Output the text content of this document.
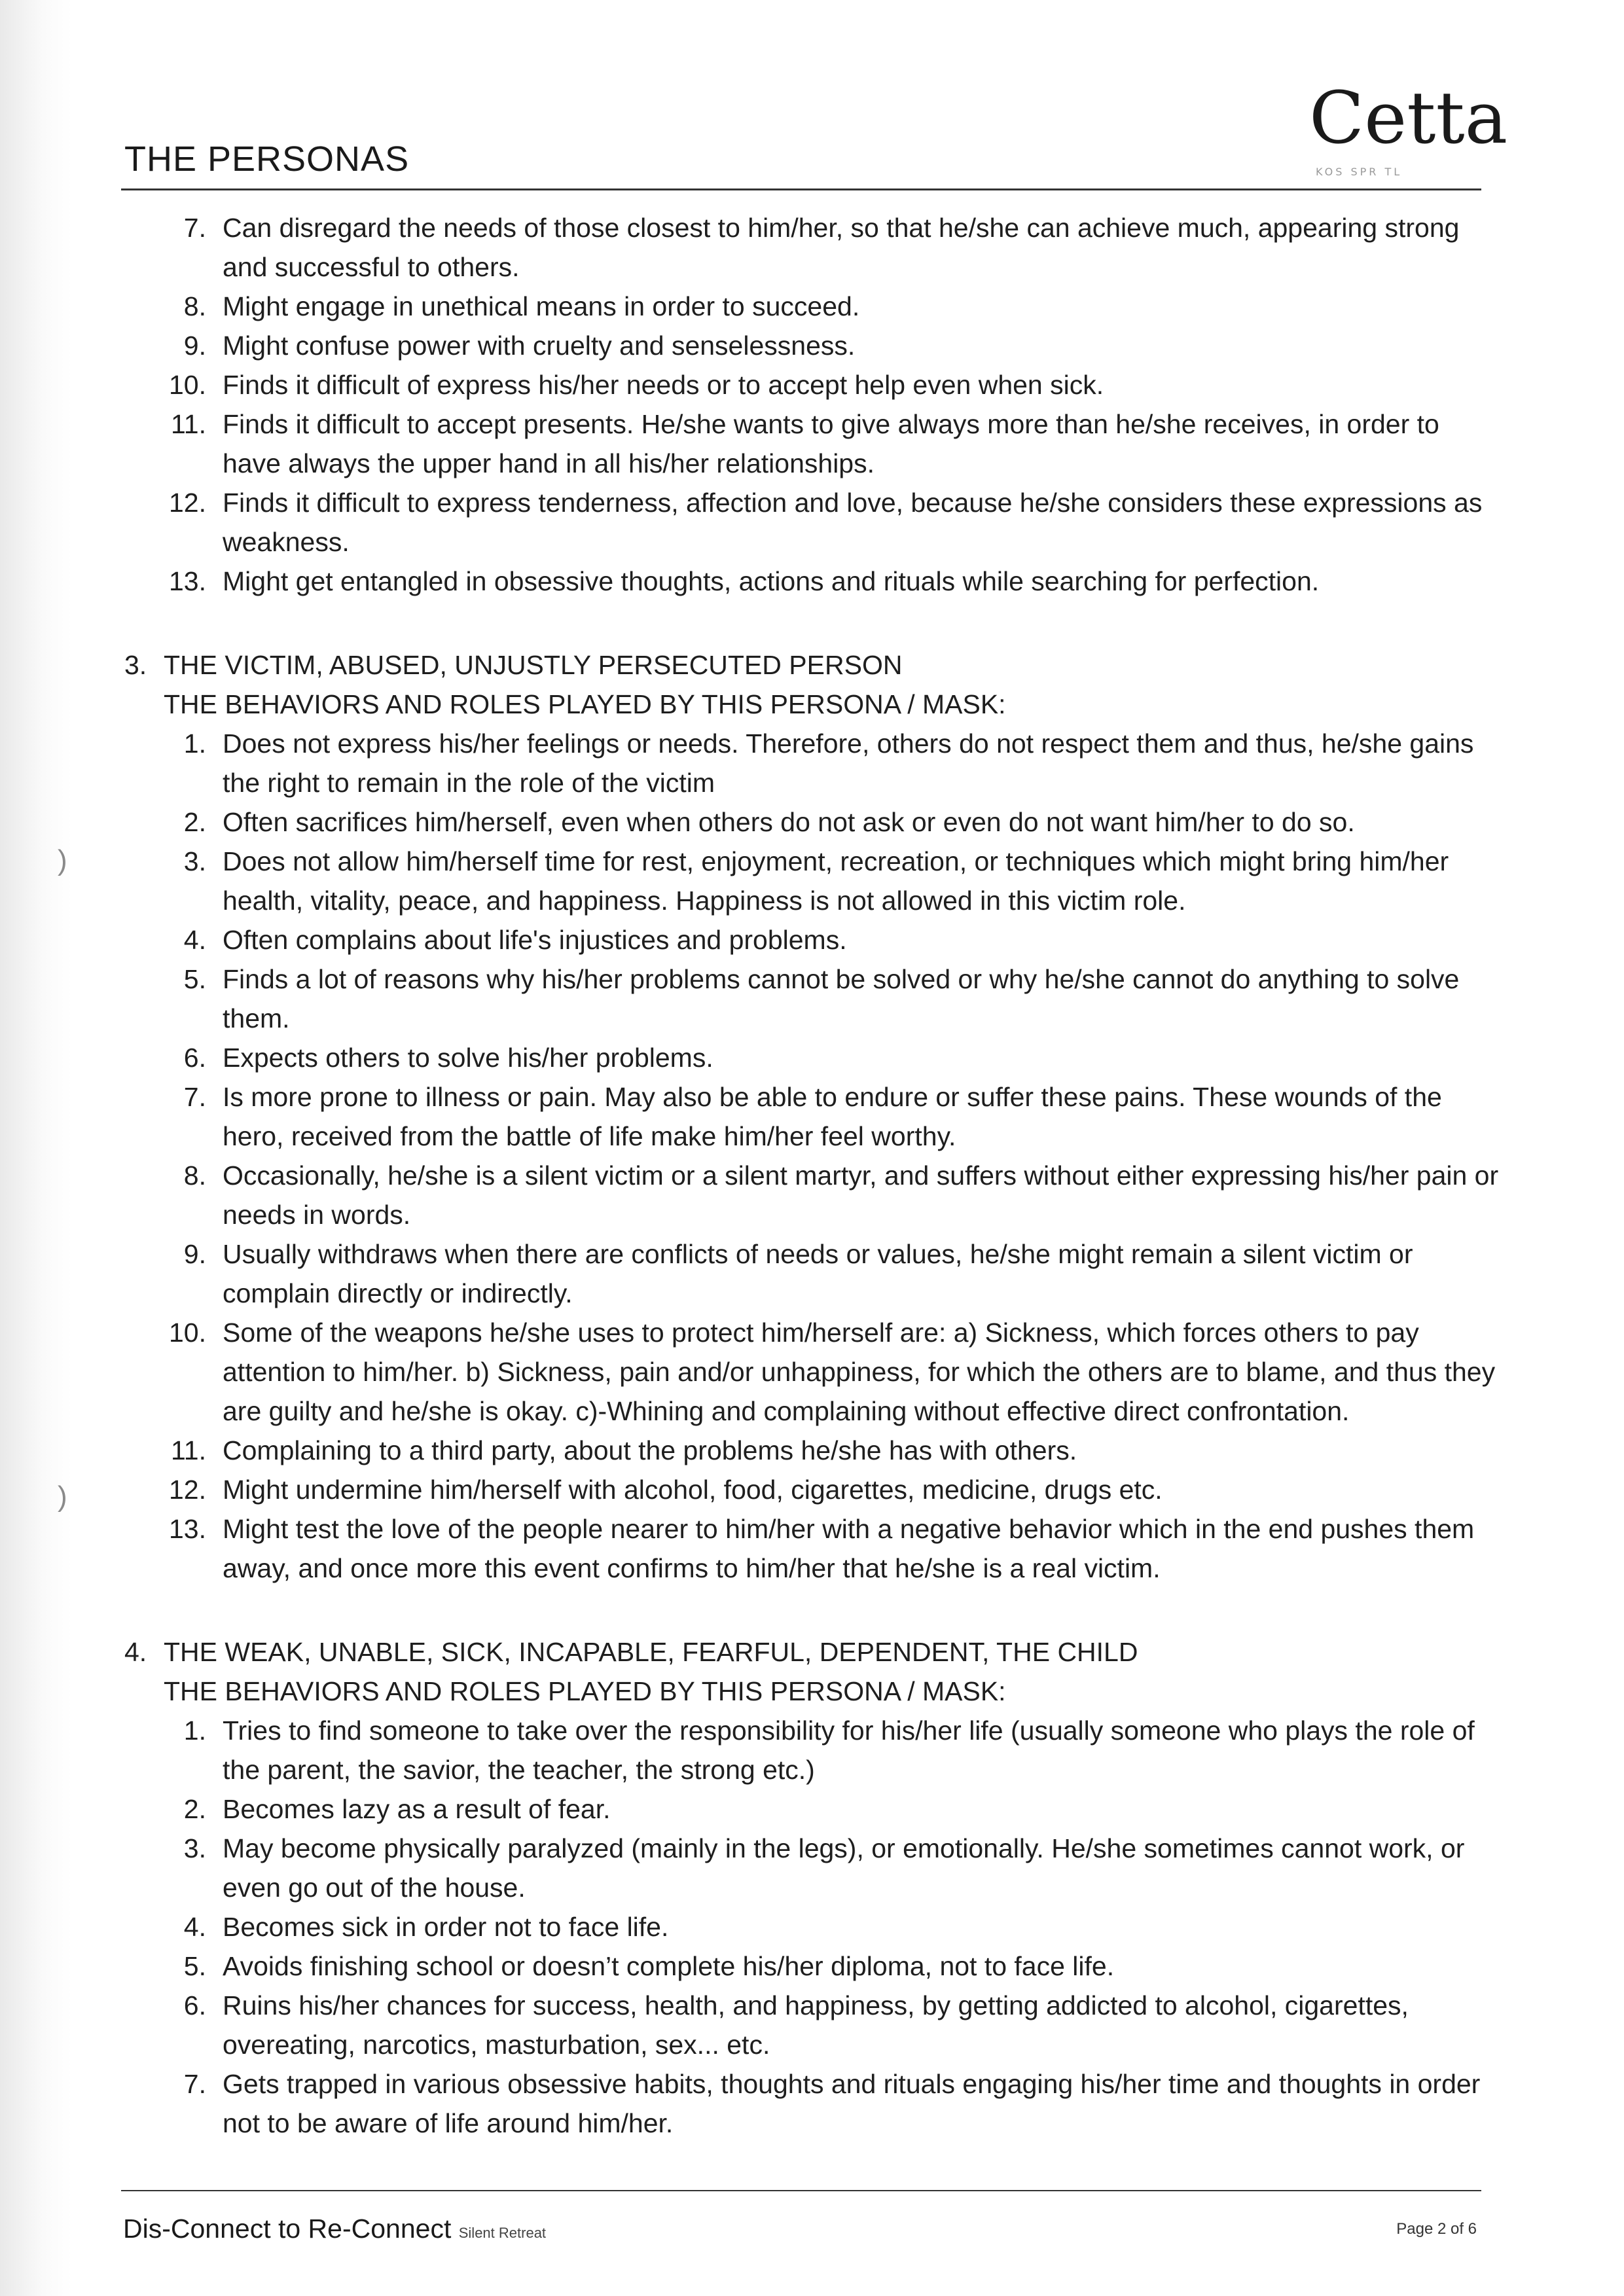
THE PERSONAS	Cetta
KOS SPR TL
)
)
7. Can disregard the needs of those closest to him/her, so that he/she can achieve much, appearing strong and successful to others.
8. Might engage in unethical means in order to succeed.
9. Might confuse power with cruelty and senselessness.
10. Finds it difficult of express his/her needs or to accept help even when sick.
11. Finds it difficult to accept presents. He/she wants to give always more than he/she receives, in order to have always the upper hand in all his/her relationships.
12. Finds it difficult to express tenderness, affection and love, because he/she considers these expressions as weakness.
13. Might get entangled in obsessive thoughts, actions and rituals while searching for perfection.
3. THE VICTIM, ABUSED, UNJUSTLY PERSECUTED PERSON
THE BEHAVIORS AND ROLES PLAYED BY THIS PERSONA / MASK:
1. Does not express his/her feelings or needs. Therefore, others do not respect them and thus, he/she gains the right to remain in the role of the victim
2. Often sacrifices him/herself, even when others do not ask or even do not want him/her to do so.
3. Does not allow him/herself time for rest, enjoyment, recreation, or techniques which might bring him/her health, vitality, peace, and happiness. Happiness is not allowed in this victim role.
4. Often complains about life's injustices and problems.
5. Finds a lot of reasons why his/her problems cannot be solved or why he/she cannot do anything to solve them.
6. Expects others to solve his/her problems.
7. Is more prone to illness or pain. May also be able to endure or suffer these pains. These wounds of the hero, received from the battle of life make him/her feel worthy.
8. Occasionally, he/she is a silent victim or a silent martyr, and suffers without either expressing his/her pain or needs in words.
9. Usually withdraws when there are conflicts of needs or values, he/she might remain a silent victim or complain directly or indirectly.
10. Some of the weapons he/she uses to protect him/herself are: a) Sickness, which forces others to pay attention to him/her. b) Sickness, pain and/or unhappiness, for which the others are to blame, and thus they are guilty and he/she is okay. c)-Whining and complaining without effective direct confrontation.
11. Complaining to a third party, about the problems he/she has with others.
12. Might undermine him/herself with alcohol, food, cigarettes, medicine, drugs etc.
13. Might test the love of the people nearer to him/her with a negative behavior which in the end pushes them away, and once more this event confirms to him/her that he/she is a real victim.
4. THE WEAK, UNABLE, SICK, INCAPABLE, FEARFUL, DEPENDENT, THE CHILD
THE BEHAVIORS AND ROLES PLAYED BY THIS PERSONA / MASK:
1. Tries to find someone to take over the responsibility for his/her life (usually someone who plays the role of the parent, the savior, the teacher, the strong etc.)
2. Becomes lazy as a result of fear.
3. May become physically paralyzed (mainly in the legs), or emotionally. He/she sometimes cannot work, or even go out of the house.
4. Becomes sick in order not to face life.
5. Avoids finishing school or doesn’t complete his/her diploma, not to face life.
6. Ruins his/her chances for success, health, and happiness, by getting addicted to alcohol, cigarettes, overeating, narcotics, masturbation, sex... etc.
7. Gets trapped in various obsessive habits, thoughts and rituals engaging his/her time and thoughts in order not to be aware of life around him/her.
Dis-Connect to Re-Connect Silent Retreat	Page 2 of 6
